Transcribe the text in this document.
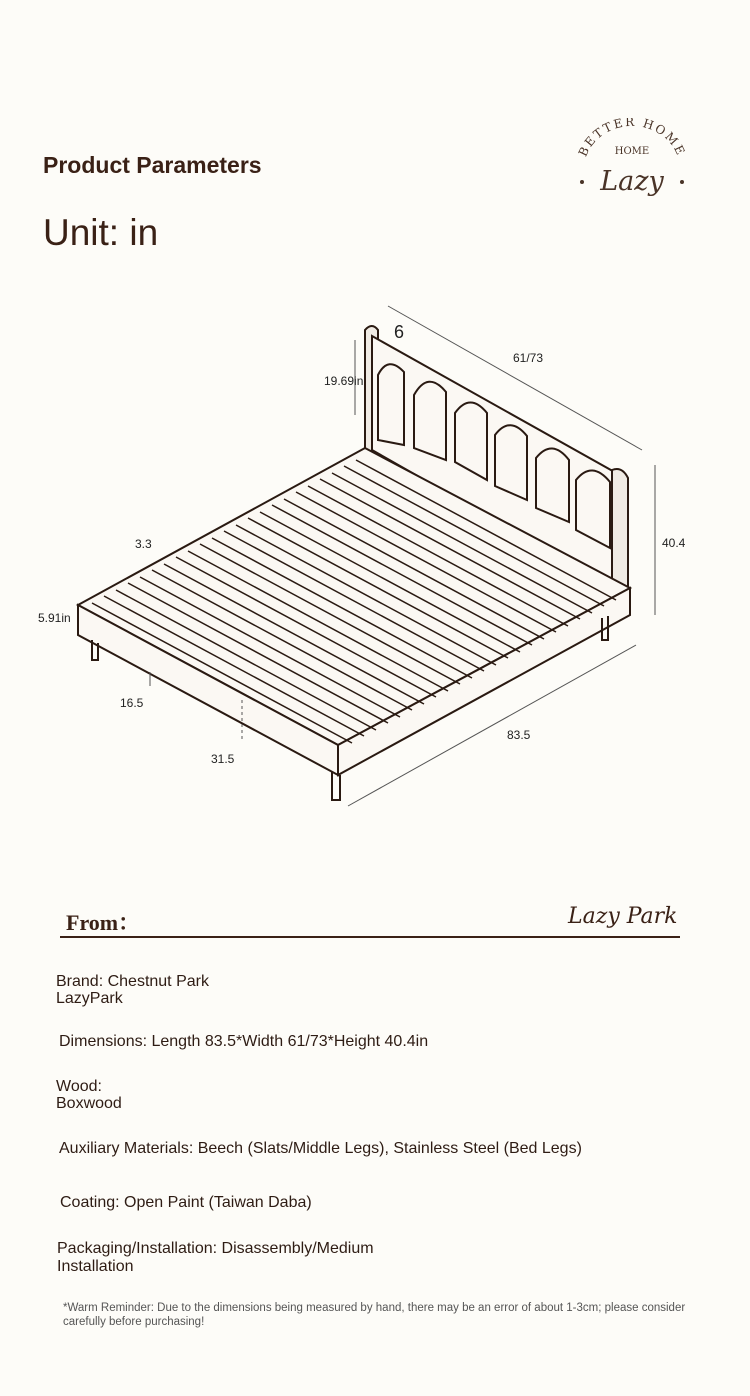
Product Parameters
Unit: in
BETTER HOME
HOME
Lazy
6
61/73
19.69in
40.4
3.3
5.91in
16.5
83.5
31.5
From：	Lazy Park
Brand: Chestnut Park
LazyPark
Dimensions: Length 83.5*Width 61/73*Height 40.4in
Wood:
Boxwood
Auxiliary Materials: Beech (Slats/Middle Legs), Stainless Steel (Bed Legs)
Coating: Open Paint (Taiwan Daba)
Packaging/Installation: Disassembly/Medium
Installation
*Warm Reminder: Due to the dimensions being measured by hand, there may be an error of about 1-3cm; please consider carefully before purchasing!
